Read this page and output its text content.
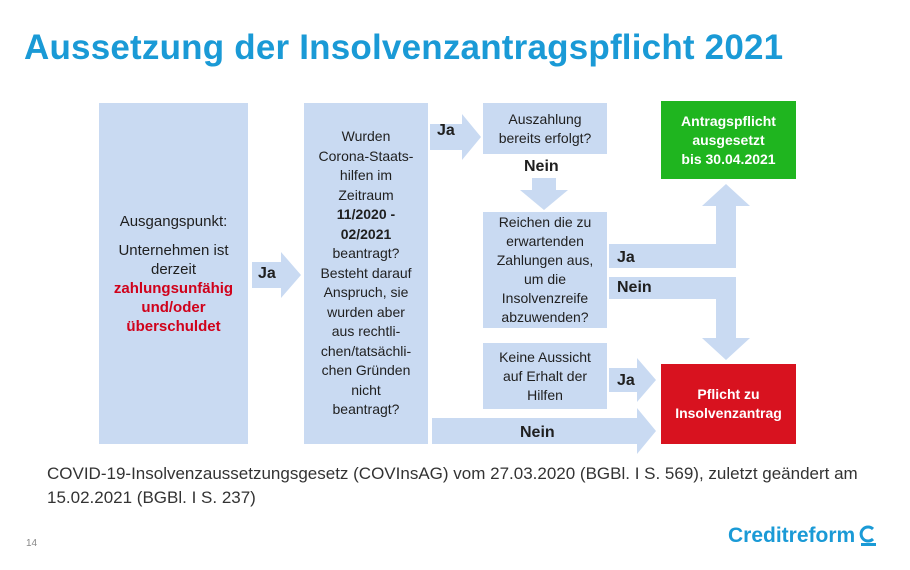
Aussetzung der Insolvenzantragspflicht 2021
Ausgangspunkt:
Unternehmen ist
derzeit
zahlungsunfähig
und/oder
überschuldet
Wurden
Corona-Staats-
hilfen im
Zeitraum
11/2020 -
02/2021
beantragt?
Besteht darauf
Anspruch, sie
wurden aber
aus rechtli-
chen/tatsächli-
chen Gründen
nicht
beantragt?
Auszahlung
bereits erfolgt?
Reichen die zu
erwartenden
Zahlungen aus,
um die
Insolvenzreife
abzuwenden?
Keine Aussicht
auf Erhalt der
Hilfen
Antragspflicht
ausgesetzt
bis 30.04.2021
Pflicht zu
Insolvenzantrag
Ja
Ja
Nein
Ja
Nein
Ja
Nein
COVID-19-Insolvenzaussetzungsgesetz (COVInsAG) vom 27.03.2020 (BGBl. I S. 569), zuletzt geändert am 15.02.2021 (BGBl. I S. 237)
14	Creditreform
